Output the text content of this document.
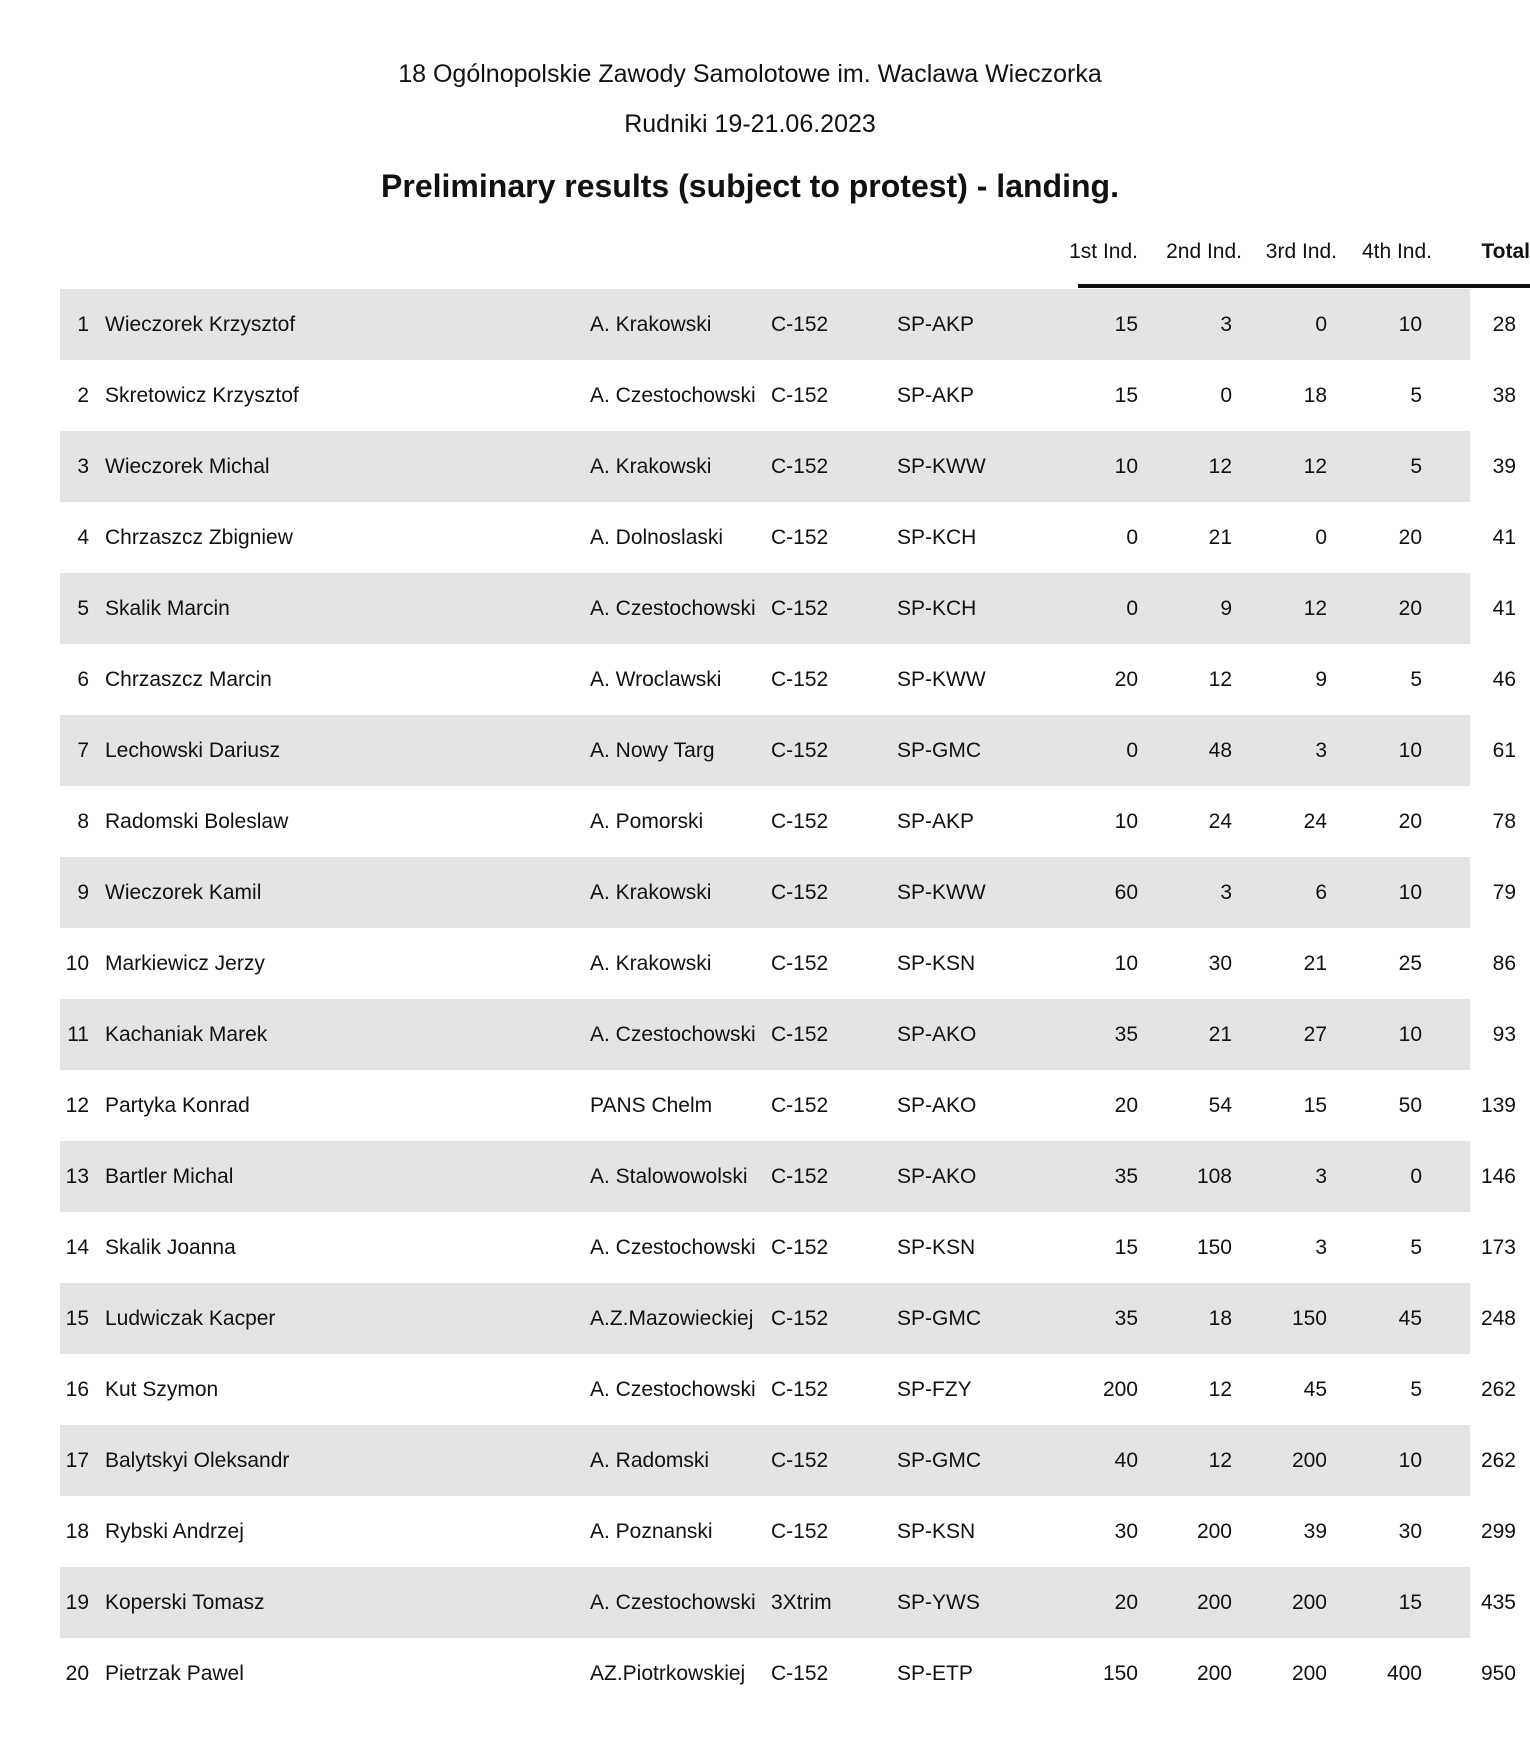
18 Ogólnopolskie Zawody Samolotowe im. Waclawa Wieczorka
Rudniki 19-21.06.2023
Preliminary results (subject to protest) - landing.
1st Ind.	2nd Ind.	3rd Ind.	4th Ind.	Total
1 Wieczorek Krzysztof	A. Krakowski	C-152	SP-AKP	15	3	0	10	28
2 Skretowicz Krzysztof	A. Czestochowski C-152	SP-AKP	15	0	18	5	38
3 Wieczorek Michal	A. Krakowski	C-152	SP-KWW	10	12	12	5	39
4 Chrzaszcz Zbigniew	A. Dolnoslaski C-152	SP-KCH	0	21	0	20	41
5 Skalik Marcin	A. Czestochowski C-152	SP-KCH	0	9	12	20	41
6 Chrzaszcz Marcin	A. Wroclawski C-152	SP-KWW	20	12	9	5	46
7 Lechowski Dariusz	A. Nowy Targ	C-152	SP-GMC	0	48	3	10	61
8 Radomski Boleslaw	A. Pomorski	C-152	SP-AKP	10	24	24	20	78
9 Wieczorek Kamil	A. Krakowski	C-152	SP-KWW	60	3	6	10	79
10 Markiewicz Jerzy	A. Krakowski	C-152	SP-KSN	10	30	21	25	86
11 Kachaniak Marek	A. Czestochowski C-152	SP-AKO	35	21	27	10	93
12 Partyka Konrad	PANS Chelm	C-152	SP-AKO	20	54	15	50	139
13 Bartler Michal	A. Stalowowolski C-152	SP-AKO	35	108	3	0	146
14 Skalik Joanna	A. Czestochowski C-152	SP-KSN	15	150	3	5	173
15 Ludwiczak Kacper	A.Z.Mazowieckiej C-152	SP-GMC	35	18	150	45	248
16 Kut Szymon	A. Czestochowski C-152	SP-FZY	200	12	45	5	262
17 Balytskyi Oleksandr	A. Radomski	C-152	SP-GMC	40	12	200	10	262
18 Rybski Andrzej	A. Poznanski	C-152	SP-KSN	30	200	39	30	299
19 Koperski Tomasz	A. Czestochowski 3Xtrim	SP-YWS	20	200	200	15	435
20 Pietrzak Pawel	AZ.Piotrkowskiej C-152	SP-ETP	150	200	200	400	950
